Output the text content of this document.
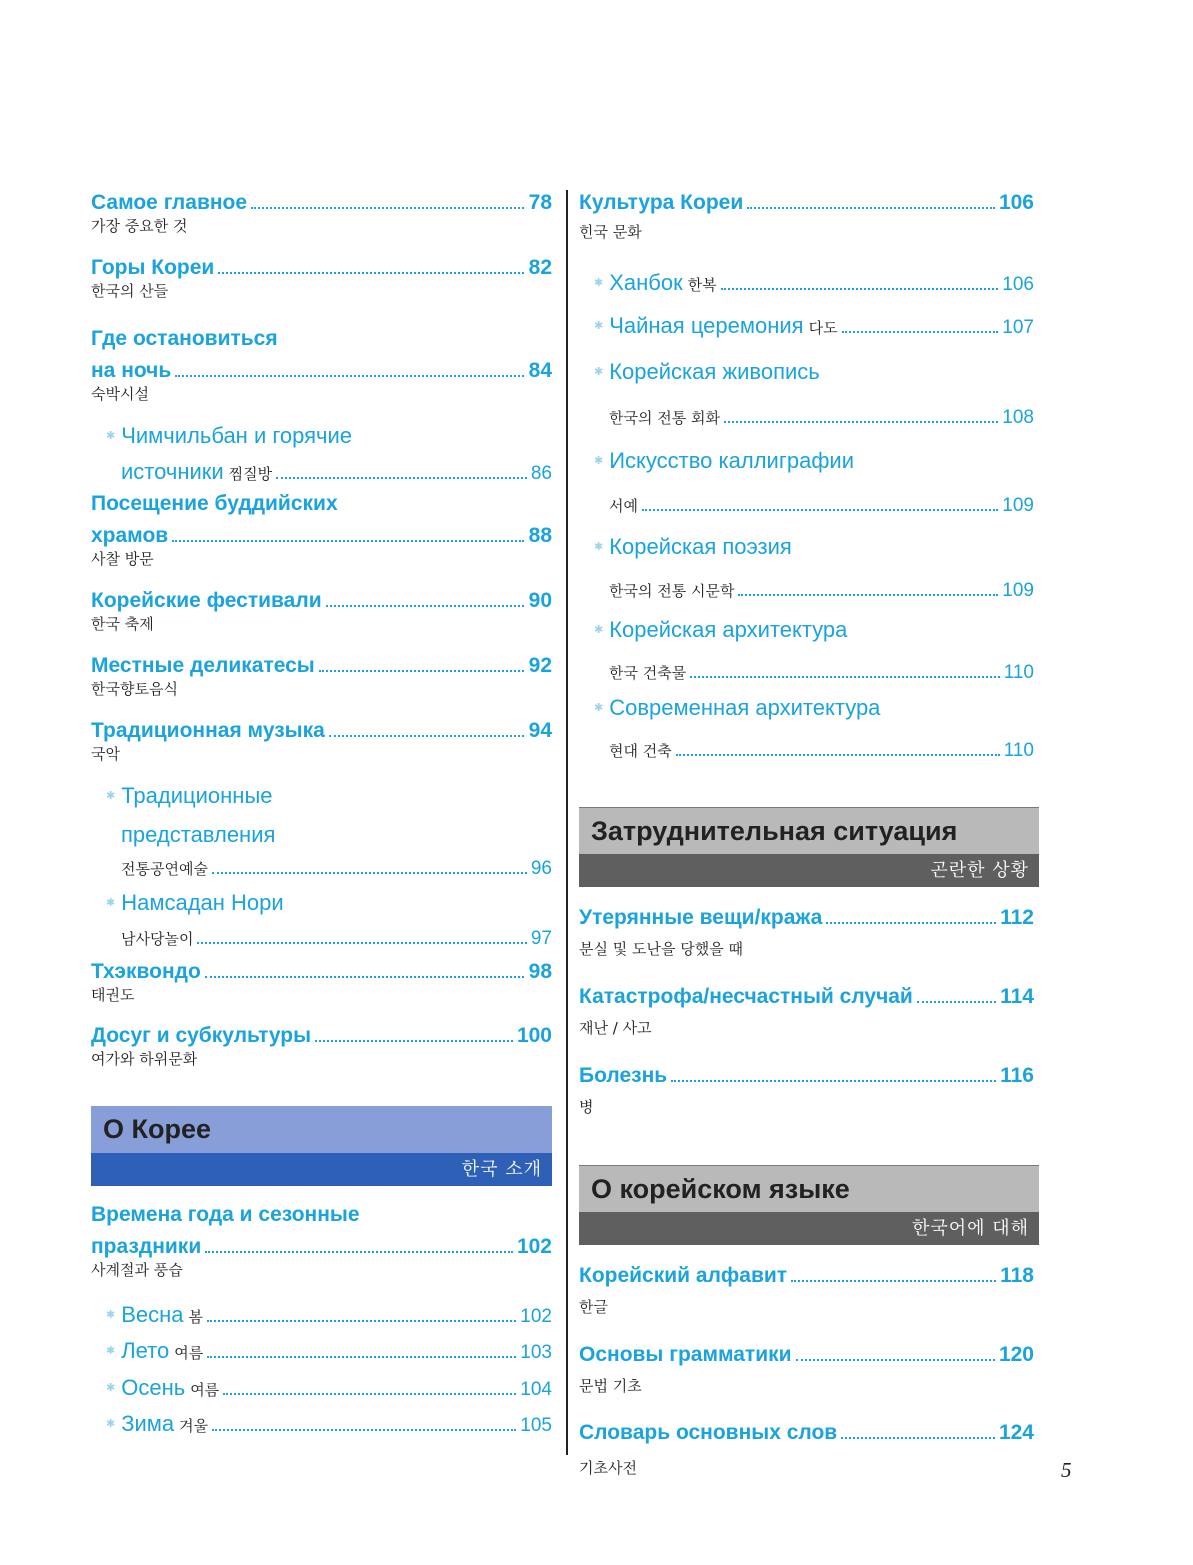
Самое главное	78
가장 중요한 것
Горы Кореи	82
한국의 산들
Где остановиться
на ночь	84
숙박시설
✱ Чимчильбан и горячие
источники 찜질방	86
Посещение буддийских
храмов	88
사찰 방문
Корейские фестивали	90
한국 축제
Местные деликатесы	92
한국향토음식
Традиционная музыка	94
국악
✱ Традиционные
представления
전통공연예술	96
✱ Намсадан Нори
남사당놀이	97
Тхэквондо	98
태권도
Досуг и субкультуры	100
여가와 하위문화
О Корее
한국 소개
Времена года и сезонные
праздники	102
사계절과 풍습
✱ Весна 봄	102
✱ Лето 여름	103
✱ Осень 여름	104
✱ Зима 겨울	105
Культура Кореи	106
힌국 문화
✱ Ханбок 한복	106
✱ Чайная церемония 다도	107
✱ Корейская живопись
한국의 전통 회화	108
✱ Искусство каллиграфии
서예	109
✱ Корейская поэзия
한국의 전통 시문학	109
✱ Корейская архитектура
한국 건축물	110
✱ Современная архитектура
현대 건축	110
Затруднительная ситуация
곤란한 상황
Утерянные вещи/кража	112
분실 및 도난을 당했을 때
Катастрофа/несчастный случай	114
재난 / 사고
Болезнь	116
병
О корейском языке
한국어에 대해
Корейский алфавит	118
한글
Основы грамматики	120
문법 기초
Словарь основных слов	124
기초사전	5
